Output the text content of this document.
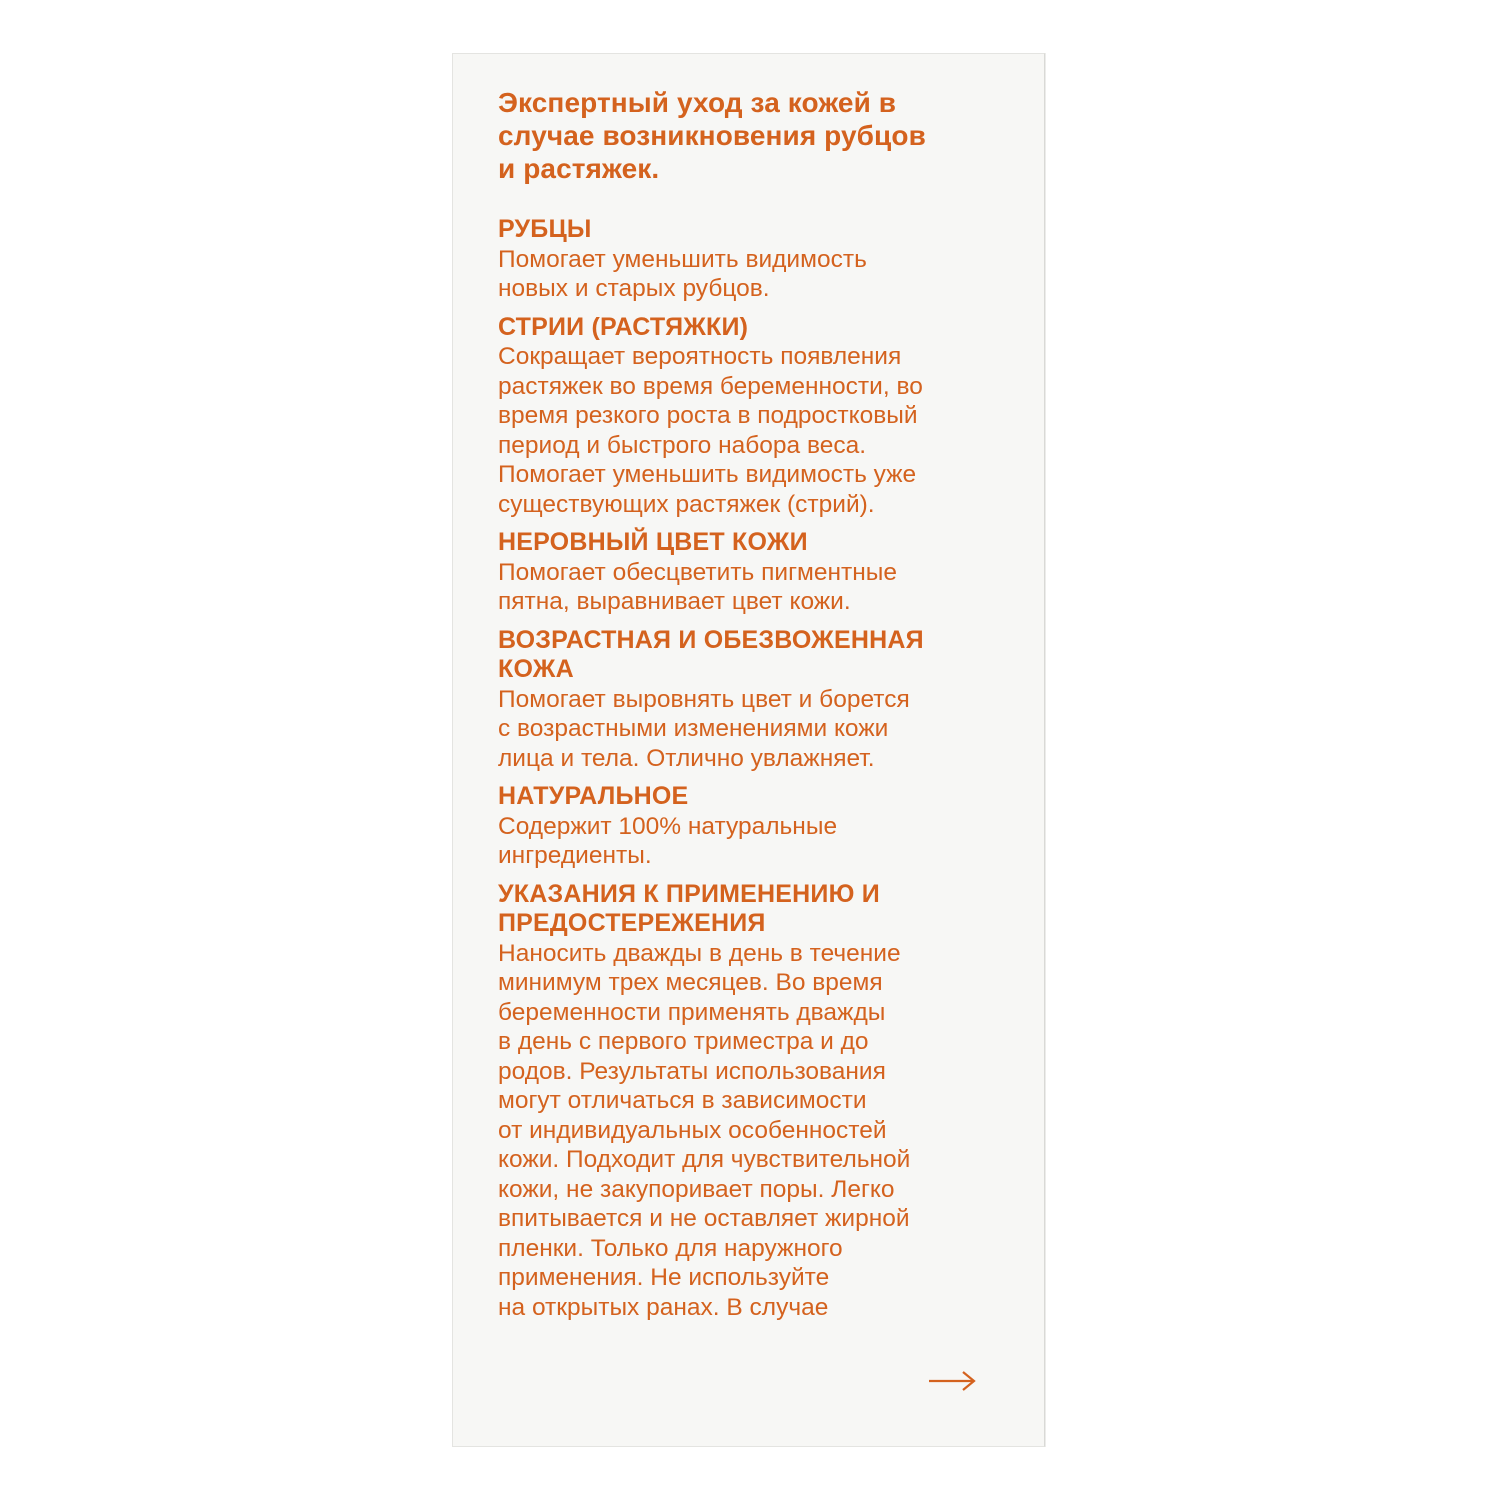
Экспертный уход за кожей в
случае возникновения рубцов
и растяжек.

РУБЦЫ

Помогает уменьшить видимость
новых и старых рубцов.

СТРИИ (РАСТЯЖКИ)

Сокращает вероятность появления
растяжек во время беременности, во
время резкого роста в подростковый
период и быстрого набора веса.
Помогает уменьшить видимость уже
существующих растяжек (стрий).

НЕРОВНЫЙ ЦВЕТ КОЖИ

Помогает обесцветить пигментные
пятна, выравнивает цвет кожи.

ВОЗРАСТНАЯ И ОБЕЗВОЖЕННАЯ
КОЖА

Помогает выровнять цвет и борется
с возрастными изменениями кожи
лица и тела. Отлично увлажняет.

НАТУРАЛЬНОЕ

Содержит 100% натуральные
ингредиенты.

УКАЗАНИЯ К ПРИМЕНЕНИЮ И
ПРЕДОСТЕРЕЖЕНИЯ

Наносить дважды в день в течение
минимум трех месяцев. Во время
беременности применять дважды
в день с первого триместра и до
родов. Результаты использования
могут отличаться в зависимости
от индивидуальных особенностей
кожи. Подходит для чувствительной
кожи, не закупоривает поры. Легко
впитывается и не оставляет жирной
пленки. Только для наружного
применения. Не используйте
на открытых ранах. В случае
